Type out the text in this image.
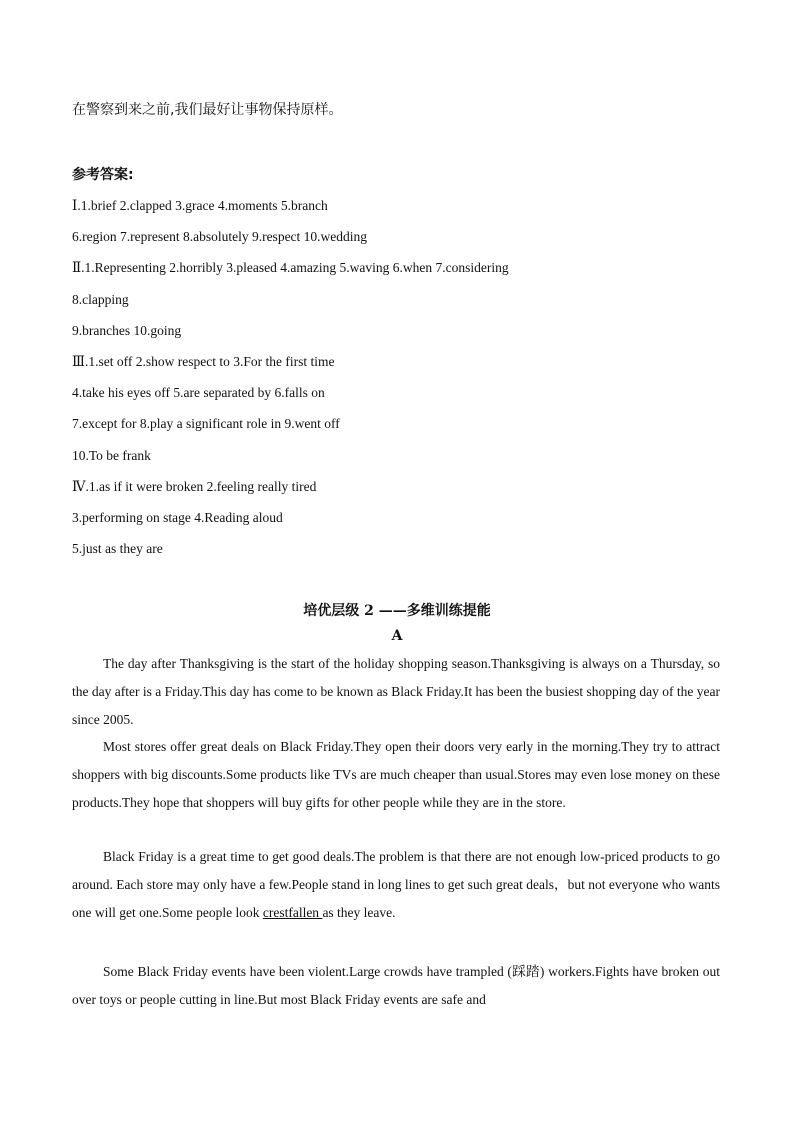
在警察到来之前,我们最好让事物保持原样。
参考答案:
Ⅰ.1.brief 2.clapped 3.grace 4.moments 5.branch
6.region 7.represent 8.absolutely 9.respect 10.wedding
Ⅱ.1.Representing 2.horribly 3.pleased 4.amazing 5.waving 6.when 7.considering
8.clapping
9.branches 10.going
Ⅲ.1.set off 2.show respect to 3.For the first time
4.take his eyes off 5.are separated by 6.falls on
7.except for 8.play a significant role in 9.went off
10.To be frank
Ⅳ.1.as if it were broken 2.feeling really tired
3.performing on stage 4.Reading aloud
5.just as they are
培优层级 2 ——多维训练提能
A
The day after Thanksgiving is the start of the holiday shopping season.Thanksgiving is always on a Thursday, so the day after is a Friday.This day has come to be known as Black Friday.It has been the busiest shopping day of the year since 2005.
Most stores offer great deals on Black Friday.They open their doors very early in the morning.They try to attract shoppers with big discounts.Some products like TVs are much cheaper than usual.Stores may even lose money on these products.They hope that shoppers will buy gifts for other people while they are in the store.
Black Friday is a great time to get good deals.The problem is that there are not enough low-priced products to go around. Each store may only have a few.People stand in long lines to get such great deals，but not everyone who wants one will get one.Some people look crestfallen as they leave.
Some Black Friday events have been violent.Large crowds have trampled (踩踏) workers.Fights have broken out over toys or people cutting in line.But most Black Friday events are safe and
